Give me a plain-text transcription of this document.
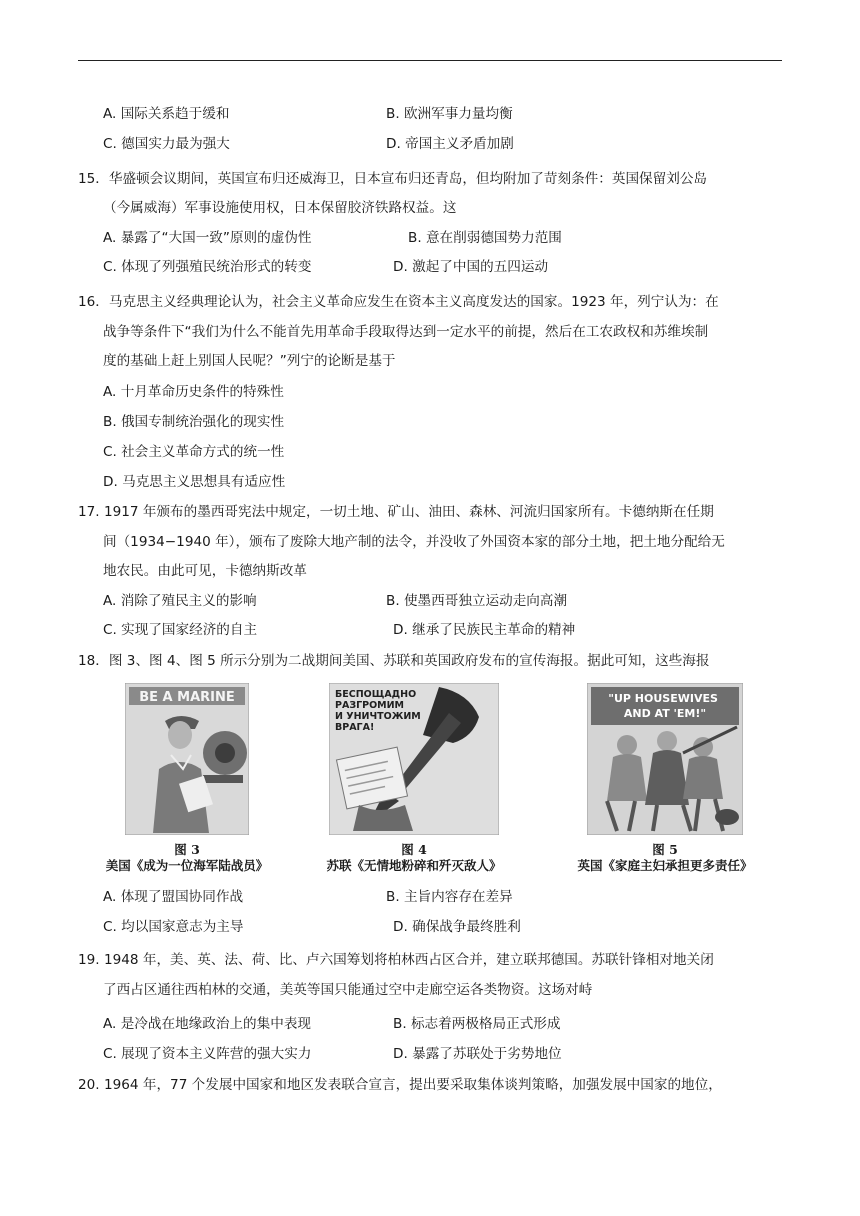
A. 国际关系趋于缓和	B. 欧洲军事力量均衡
C. 德国实力最为强大	D. 帝国主义矛盾加剧
15．华盛顿会议期间，英国宣布归还威海卫，日本宣布归还青岛，但均附加了苛刻条件：英国保留刘公岛
（今属威海）军事设施使用权，日本保留胶济铁路权益。这
A. 暴露了“大国一致”原则的虚伪性	B. 意在削弱德国势力范围
C. 体现了列强殖民统治形式的转变	D. 激起了中国的五四运动
16．马克思主义经典理论认为，社会主义革命应发生在资本主义高度发达的国家。1923 年，列宁认为：在
战争等条件下“我们为什么不能首先用革命手段取得达到一定水平的前提，然后在工农政权和苏维埃制
度的基础上赶上别国人民呢？”列宁的论断是基于
A. 十月革命历史条件的特殊性
B. 俄国专制统治强化的现实性
C. 社会主义革命方式的统一性
D. 马克思主义思想具有适应性
17. 1917 年颁布的墨西哥宪法中规定，一切土地、矿山、油田、森林、河流归国家所有。卡德纳斯在任期
间（1934−1940 年），颁布了废除大地产制的法令，并没收了外国资本家的部分土地，把土地分配给无
地农民。由此可见，卡德纳斯改革
A. 消除了殖民主义的影响	B. 使墨西哥独立运动走向高潮
C. 实现了国家经济的自主	D. 继承了民族民主革命的精神
18．图 3、图 4、图 5 所示分别为二战期间美国、苏联和英国政府发布的宣传海报。据此可知，这些海报
BE A MARINE
图 3
美国《成为一位海军陆战员》
БЕСПОЩАДНО РАЗГРОМИМ И УНИЧТОЖИМ ВРАГА!
图 4
苏联《无情地粉碎和歼灭敌人》
"UP HOUSEWIVES AND AT 'EM!"
图 5
英国《家庭主妇承担更多责任》
A. 体现了盟国协同作战	B. 主旨内容存在差异
C. 均以国家意志为主导	D. 确保战争最终胜利
19. 1948 年，美、英、法、荷、比、卢六国筹划将柏林西占区合并，建立联邦德国。苏联针锋相对地关闭
了西占区通往西柏林的交通，美英等国只能通过空中走廊空运各类物资。这场对峙
A. 是冷战在地缘政治上的集中表现	B. 标志着两极格局正式形成
C. 展现了资本主义阵营的强大实力	D. 暴露了苏联处于劣势地位
20. 1964 年，77 个发展中国家和地区发表联合宣言，提出要采取集体谈判策略，加强发展中国家的地位，
